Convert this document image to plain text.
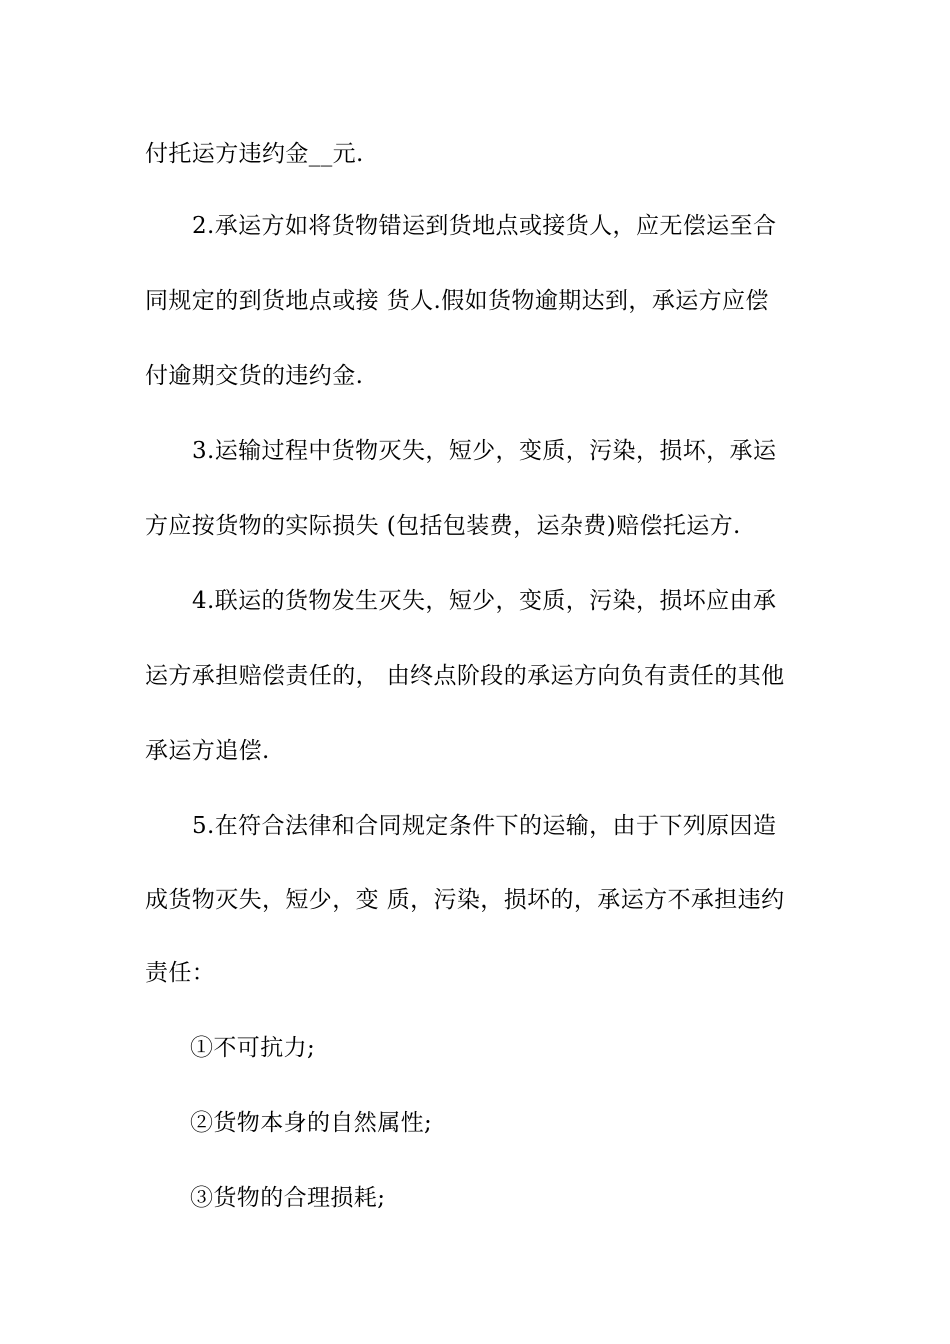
付托运方违约金__元.
2.承运方如将货物错运到货地点或接货人，应无偿运至合
同规定的到货地点或接 货人.假如货物逾期达到，承运方应偿
付逾期交货的违约金.
3.运输过程中货物灭失，短少，变质，污染，损坏，承运
方应按货物的实际损失 (包括包装费，运杂费)赔偿托运方.
4.联运的货物发生灭失，短少，变质，污染，损坏应由承
运方承担赔偿责任的， 由终点阶段的承运方向负有责任的其他
承运方追偿.
5.在符合法律和合同规定条件下的运输，由于下列原因造
成货物灭失，短少，变 质，污染，损坏的，承运方不承担违约
责任：
①不可抗力;
②货物本身的自然属性;
③货物的合理损耗;
